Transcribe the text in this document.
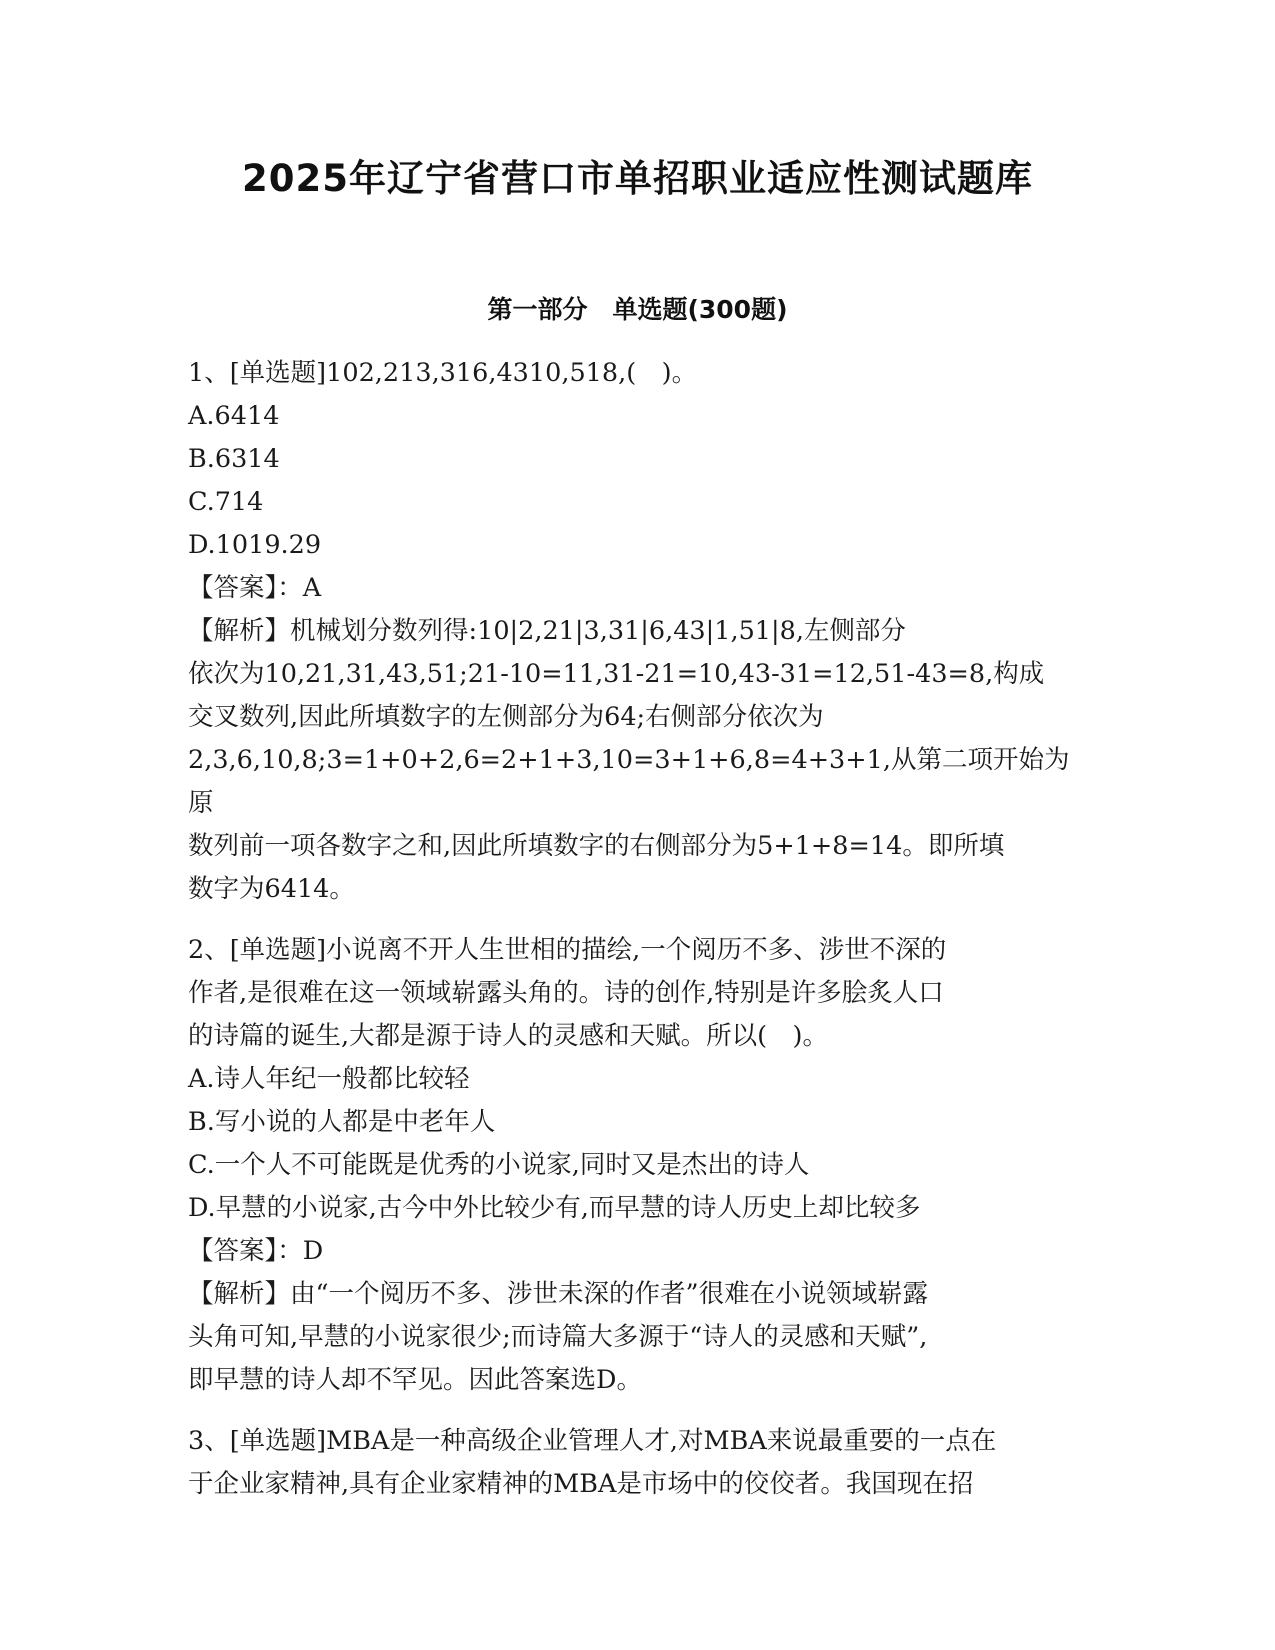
2025年辽宁省营口市单招职业适应性测试题库
第一部分　单选题(300题)

1、[单选题]102,213,316,4310,518,(　)。

A.6414

B.6314

C.714

D.1019.29

【答案】：A

【解析】机械划分数列得:10|2,21|3,31|6,43|1,51|8,左侧部分

依次为10,21,31,43,51;21-10=11,31-21=10,43-31=12,51-43=8,构成

交叉数列,因此所填数字的左侧部分为64;右侧部分依次为

2,3,6,10,8;3=1+0+2,6=2+1+3,10=3+1+6,8=4+3+1,从第二项开始为原

数列前一项各数字之和,因此所填数字的右侧部分为5+1+8=14。即所填

数字为6414。

2、[单选题]小说离不开人生世相的描绘,一个阅历不多、涉世不深的

作者,是很难在这一领域崭露头角的。诗的创作,特别是许多脍炙人口

的诗篇的诞生,大都是源于诗人的灵感和天赋。所以(　)。

A.诗人年纪一般都比较轻

B.写小说的人都是中老年人

C.一个人不可能既是优秀的小说家,同时又是杰出的诗人

D.早慧的小说家,古今中外比较少有,而早慧的诗人历史上却比较多

【答案】：D

【解析】由“一个阅历不多、涉世未深的作者”很难在小说领域崭露

头角可知,早慧的小说家很少;而诗篇大多源于“诗人的灵感和天赋”,

即早慧的诗人却不罕见。因此答案选D。

3、[单选题]MBA是一种高级企业管理人才,对MBA来说最重要的一点在

于企业家精神,具有企业家精神的MBA是市场中的佼佼者。我国现在招
